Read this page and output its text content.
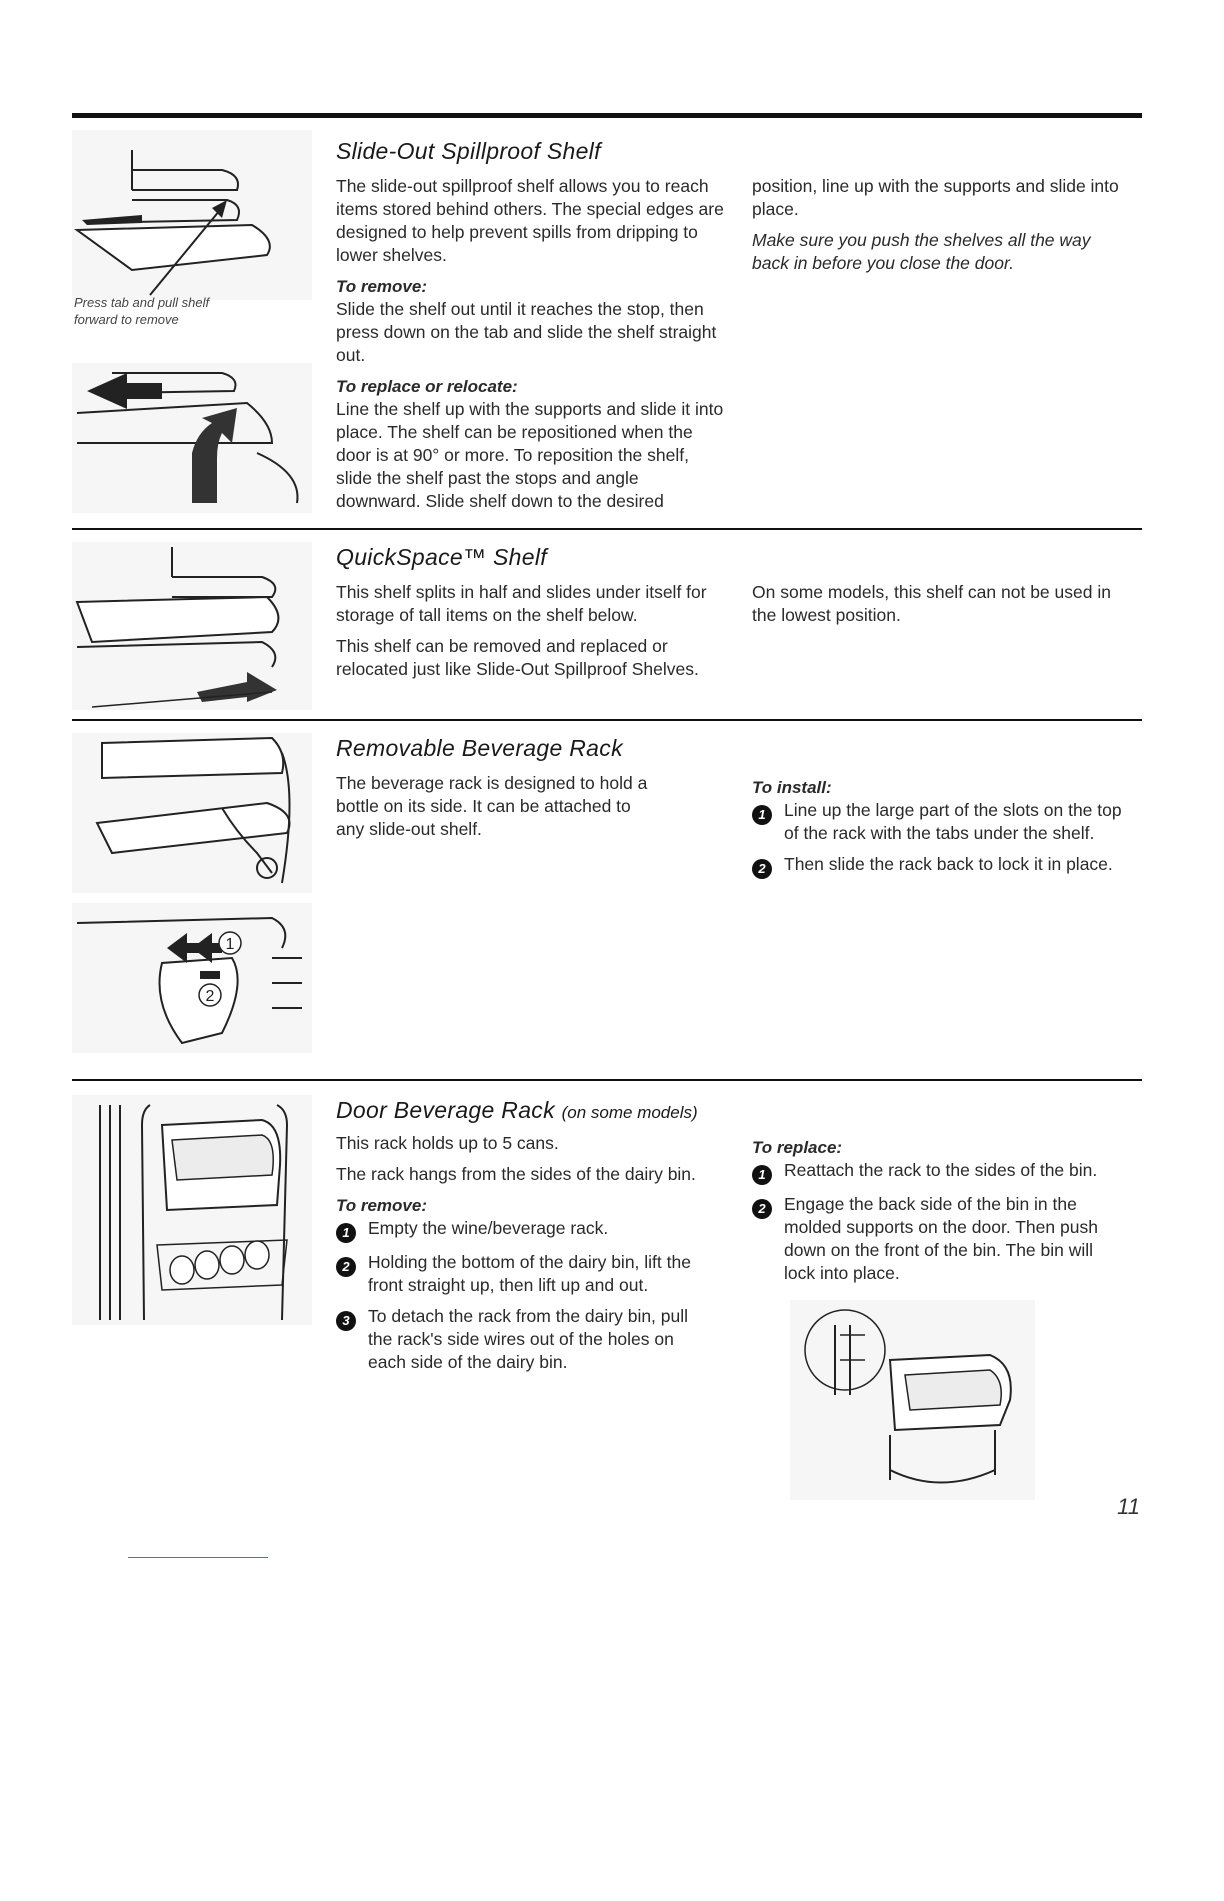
Press tab and pull shelf forward to remove
Slide-Out Spillproof Shelf

The slide-out spillproof shelf allows you to reach items stored behind others. The special edges are designed to help prevent spills from dripping to lower shelves.

To remove:

Slide the shelf out until it reaches the stop, then press down on the tab and slide the shelf straight out.

To replace or relocate:

Line the shelf up with the supports and slide it into place. The shelf can be repositioned when the door is at 90° or more. To reposition the shelf, slide the shelf past the stops and angle downward. Slide shelf down to the desired

position, line up with the supports and slide into place.

Make sure you push the shelves all the way back in before you close the door.

QuickSpace™ Shelf

This shelf splits in half and slides under itself for storage of tall items on the shelf below.

This shelf can be removed and replaced or relocated just like Slide-Out Spillproof Shelves.

On some models, this shelf can not be used in the lowest position.

1
2
Removable Beverage Rack

The beverage rack is designed to hold a bottle on its side. It can be attached to any slide-out shelf.

To install:
1	Line up the large part of the slots on the top of the rack with the tabs under the shelf.
2	Then slide the rack back to lock it in place.
Door Beverage Rack (on some models)

This rack holds up to 5 cans.

The rack hangs from the sides of the dairy bin.

To remove:
1	Empty the wine/beverage rack.
2	Holding the bottom of the dairy bin, lift the front straight up, then lift up and out.
3	To detach the rack from the dairy bin, pull the rack's side wires out of the holes on each side of the dairy bin.
To replace:
1	Reattach the rack to the sides of the bin.
2	Engage the back side of the bin in the molded supports on the door. Then push down on the front of the bin. The bin will lock into place.
11
